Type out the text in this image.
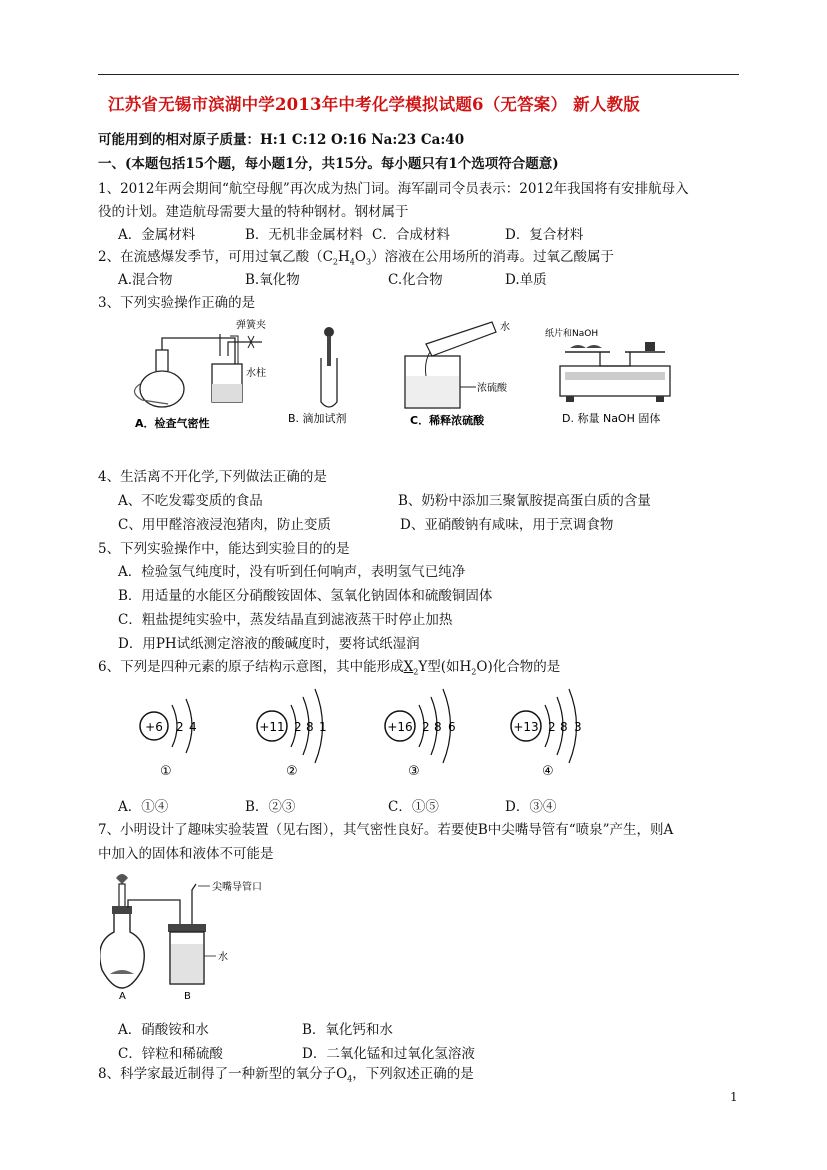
江苏省无锡市滨湖中学2013年中考化学模拟试题6（无答案） 新人教版
可能用到的相对原子质量：H:1 C:12 O:16 Na:23 Ca:40
一、(本题包括15个题，每小题1分，共15分。每小题只有1个选项符合题意)
1、2012年两会期间“航空母舰”再次成为热门词。海军副司令员表示：2012年我国将有安排航母入
役的计划。建造航母需要大量的特种钢材。钢材属于
A．金属材料	B．无机非金属材料 C．合成材料	D．复合材料
2、在流感爆发季节，可用过氧乙酸$(C_2H_4O_3)$溶液在公用场所的消毒。过氧乙酸属于
A.混合物	B.氧化物	C.化合物	D.单质
3、下列实验操作正确的是
弹簧夹
水柱
A．检查气密性	B. 滴加试剂
水
浓硫酸
C．稀释浓硫酸
纸片和NaOH
D. 称量 NaOH 固体
4、生活离不开化学,下列做法正确的是
A、不吃发霉变质的食品	B、奶粉中添加三聚氰胺提高蛋白质的含量
C、用甲醛溶液浸泡猪肉，防止变质	D、亚硝酸钠有咸味，用于烹调食物
5、下列实验操作中，能达到实验目的的是
A．检验氢气纯度时，没有听到任何响声，表明氢气已纯净
B．用适量的水能区分硝酸铵固体、氢氧化钠固体和硫酸铜固体
C．粗盐提纯实验中，蒸发结晶直到滤液蒸干时停止加热
D．用PH试纸测定溶液的酸碱度时，要将试纸湿润
6、下列是四种元素的原子结构示意图，其中能形成$X_2Y$型(如$H_2O$)化合物的是
+6 2 4
①
+11 2 8 1
②
+16 2 8 6
③
+13 2 8 3
④
A．①④	B．②③	C．①⑤	D．③④
7、小明设计了趣味实验装置（见右图），其气密性良好。若要使B中尖嘴导管有“喷泉”产生，则A
中加入的固体和液体不可能是
A
尖嘴导管口
水
B
A．硝酸铵和水	B．氧化钙和水
C．锌粒和稀硫酸	D．二氧化锰和过氧化氢溶液
8、科学家最近制得了一种新型的氧分子$O_4$，下列叙述正确的是
1
